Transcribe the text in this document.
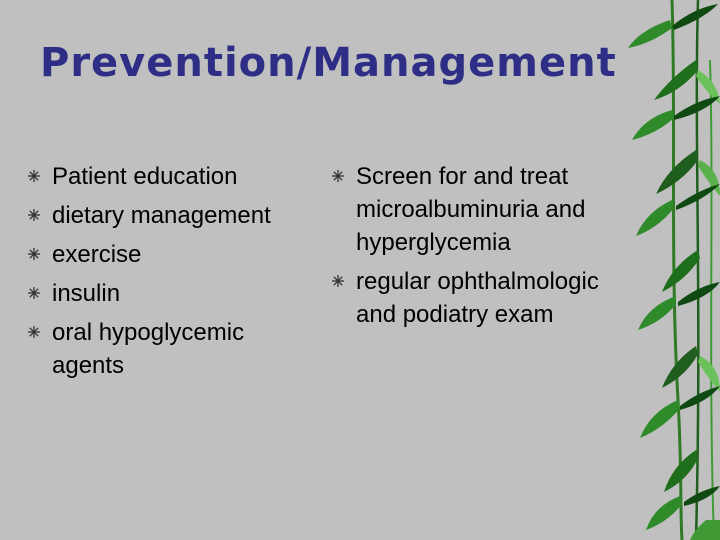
Prevention/Management
Patient education
dietary management
exercise
insulin
oral hypoglycemic agents
Screen for and treat microalbuminuria and hyperglycemia
regular ophthalmologic and podiatry exam
